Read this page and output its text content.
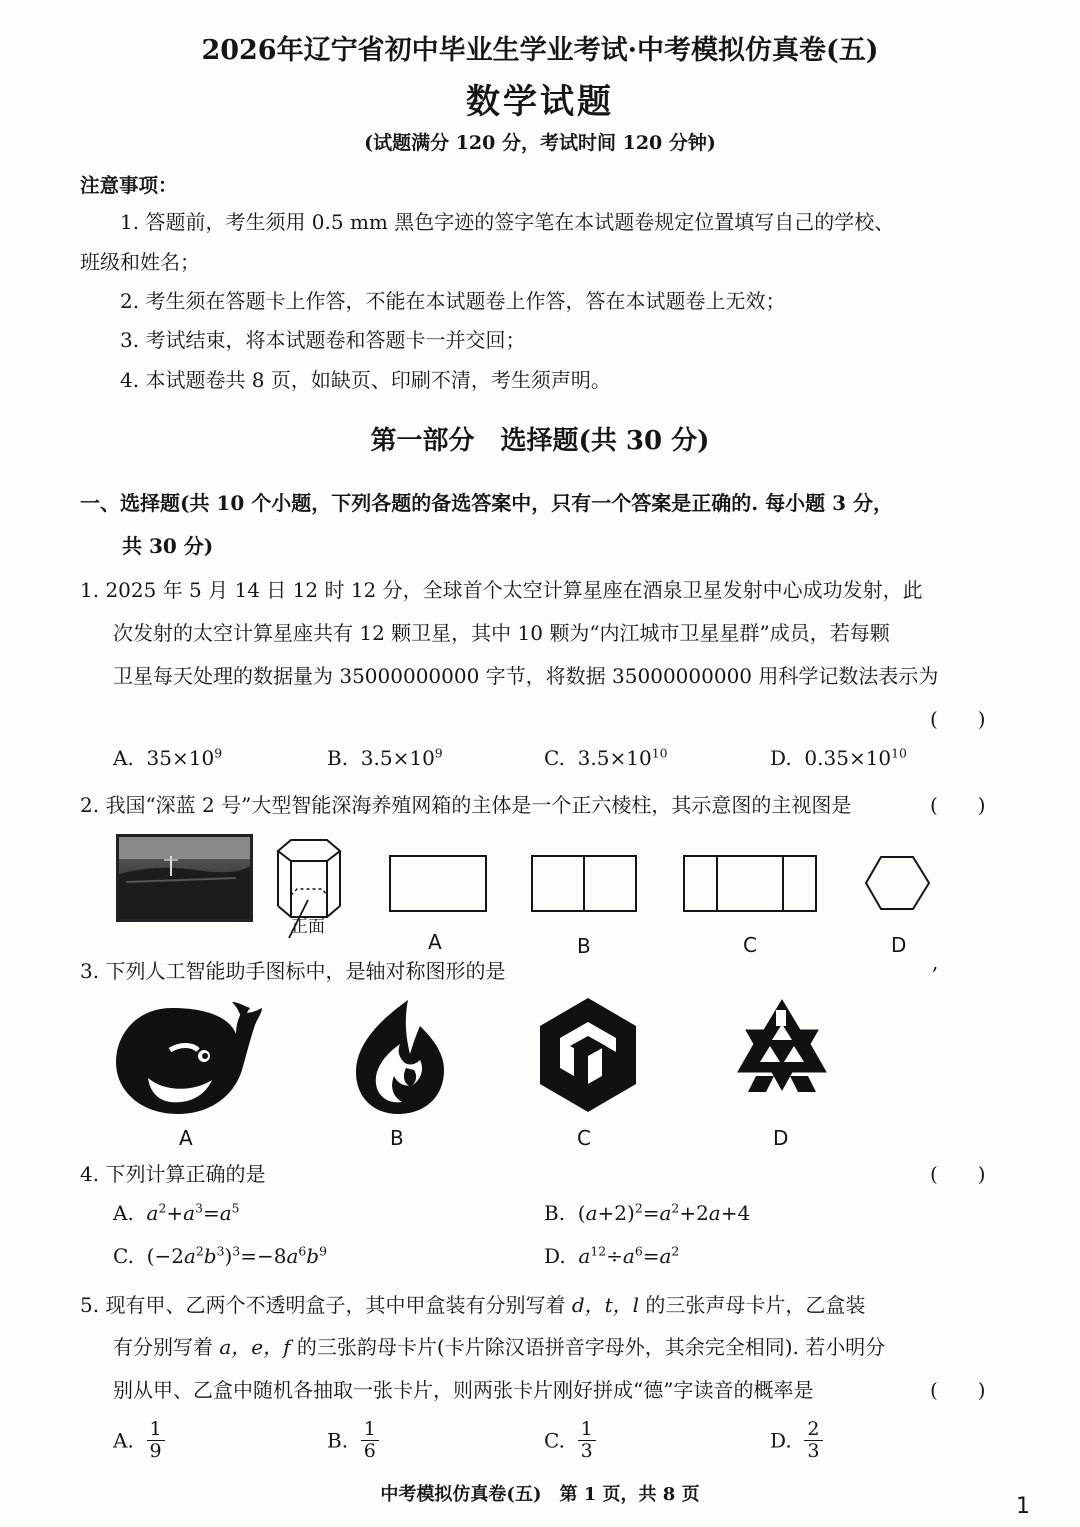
2026年辽宁省初中毕业生学业考试·中考模拟仿真卷(五)
数学试题
(试题满分 120 分，考试时间 120 分钟)
注意事项：
1. 答题前，考生须用 0.5 mm 黑色字迹的签字笔在本试题卷规定位置填写自己的学校、
班级和姓名；
2. 考生须在答题卡上作答，不能在本试题卷上作答，答在本试题卷上无效；
3. 考试结束，将本试题卷和答题卡一并交回；
4. 本试题卷共 8 页，如缺页、印刷不清，考生须声明。
第一部分　选择题(共 30 分)
一、选择题(共 10 个小题，下列各题的备选答案中，只有一个答案是正确的. 每小题 3 分，
共 30 分)
1. 2025 年 5 月 14 日 12 时 12 分，全球首个太空计算星座在酒泉卫星发射中心成功发射，此
次发射的太空计算星座共有 12 颗卫星，其中 10 颗为“内江城市卫星星群”成员，若每颗
卫星每天处理的数据量为 35000000000 字节，将数据 35000000000 用科学记数法表示为
(　　)
A. $35\times 10^9$	B. $3.5\times 10^9$	C. $3.5\times 10^{10}$	D. $0.35\times 10^{10}$
2. 我国“深蓝 2 号”大型智能深海养殖网箱的主体是一个正六棱柱，其示意图的主视图是	(　　)
正面
A	B	C	D
3. 下列人工智能助手图标中，是轴对称图形的是	,
A	B	C	D
4. 下列计算正确的是	(　　)
A. $a^2+a^3=a^5$	B.  $(a+2)^2=a^2+2a+4$
C.  $(-2a^2b^3)^3=-8a^6b^9$	D. $a^{12}\div a^6=a^2$
5. 现有甲、乙两个不透明盒子，其中甲盒装有分别写着 d，t，l 的三张声母卡片，乙盒装
有分别写着 a，e，f 的三张韵母卡片(卡片除汉语拼音字母外，其余完全相同). 若小明分
别从甲、乙盒中随机各抽取一张卡片，则两张卡片刚好拼成“德”字读音的概率是	(　　)
A. $\frac{1}{9}$	B. $\frac{1}{6}$	C. $\frac{1}{3}$	D. $\frac{2}{3}$
中考模拟仿真卷(五)　第 1 页，共 8 页	1
